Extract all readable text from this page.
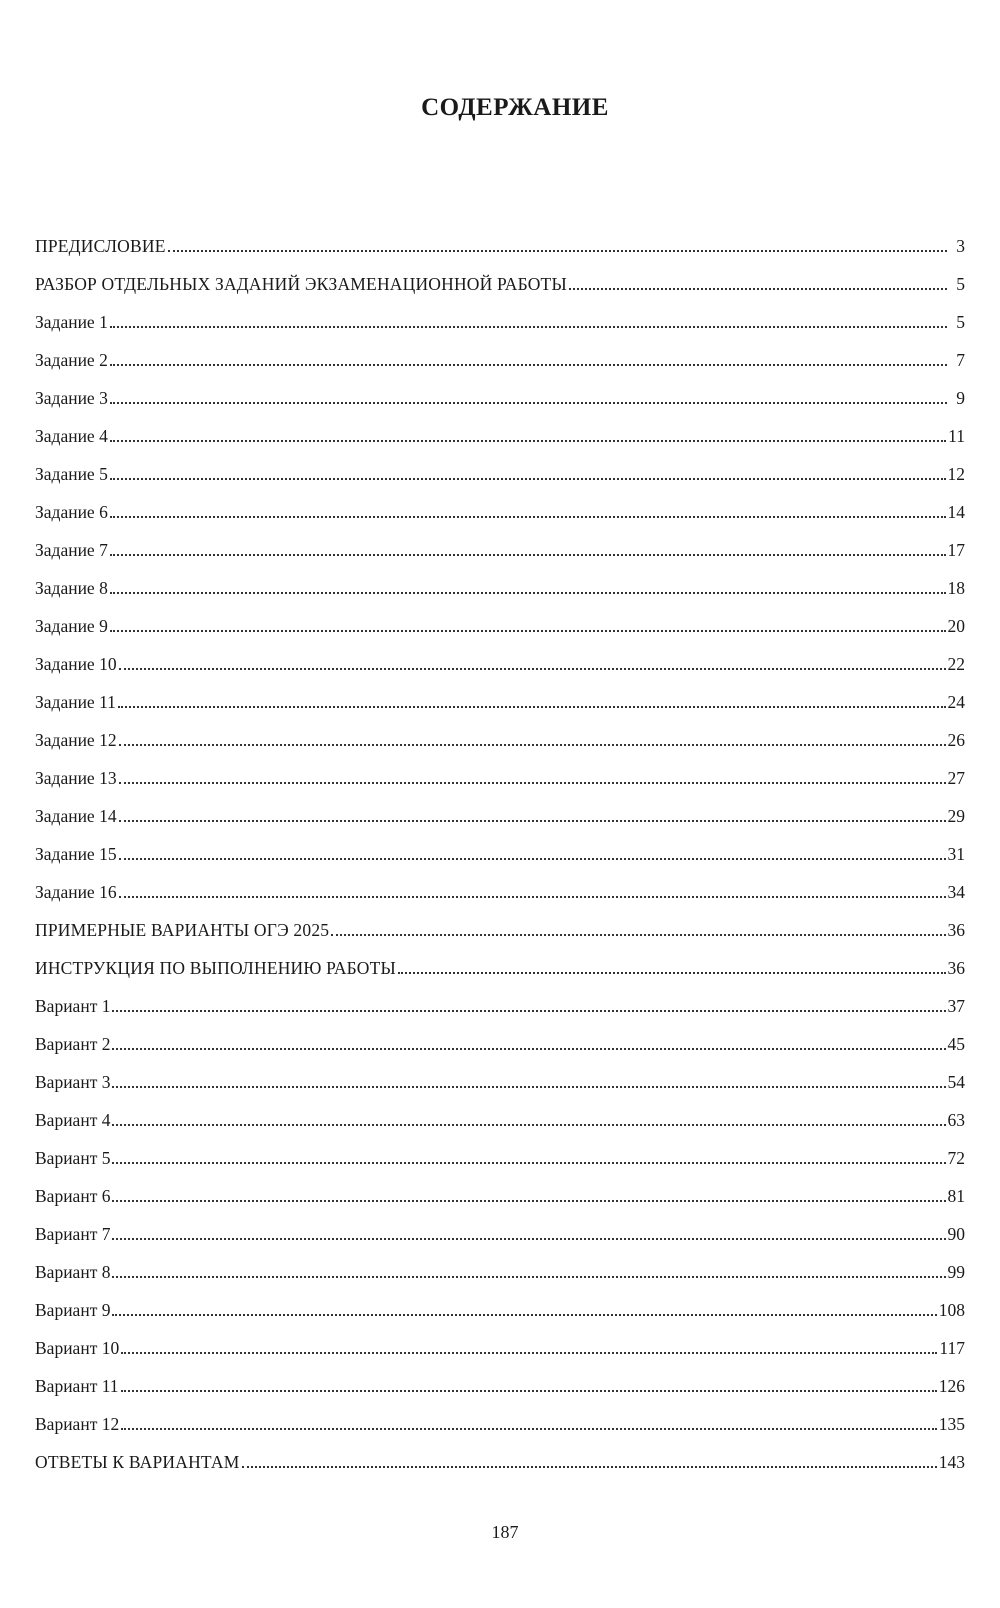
СОДЕРЖАНИЕ
ПРЕДИСЛОВИЕ	3
РАЗБОР ОТДЕЛЬНЫХ ЗАДАНИЙ ЭКЗАМЕНАЦИОННОЙ РАБОТЫ	5
Задание 1	5
Задание 2	7
Задание 3	9
Задание 4	11
Задание 5	12
Задание 6	14
Задание 7	17
Задание 8	18
Задание 9	20
Задание 10	22
Задание 11	24
Задание 12	26
Задание 13	27
Задание 14	29
Задание 15	31
Задание 16	34
ПРИМЕРНЫЕ ВАРИАНТЫ ОГЭ 2025	36
ИНСТРУКЦИЯ ПО ВЫПОЛНЕНИЮ РАБОТЫ	36
Вариант 1	37
Вариант 2	45
Вариант 3	54
Вариант 4	63
Вариант 5	72
Вариант 6	81
Вариант 7	90
Вариант 8	99
Вариант 9	108
Вариант 10	117
Вариант 11	126
Вариант 12	135
ОТВЕТЫ К ВАРИАНТАМ	143
187
